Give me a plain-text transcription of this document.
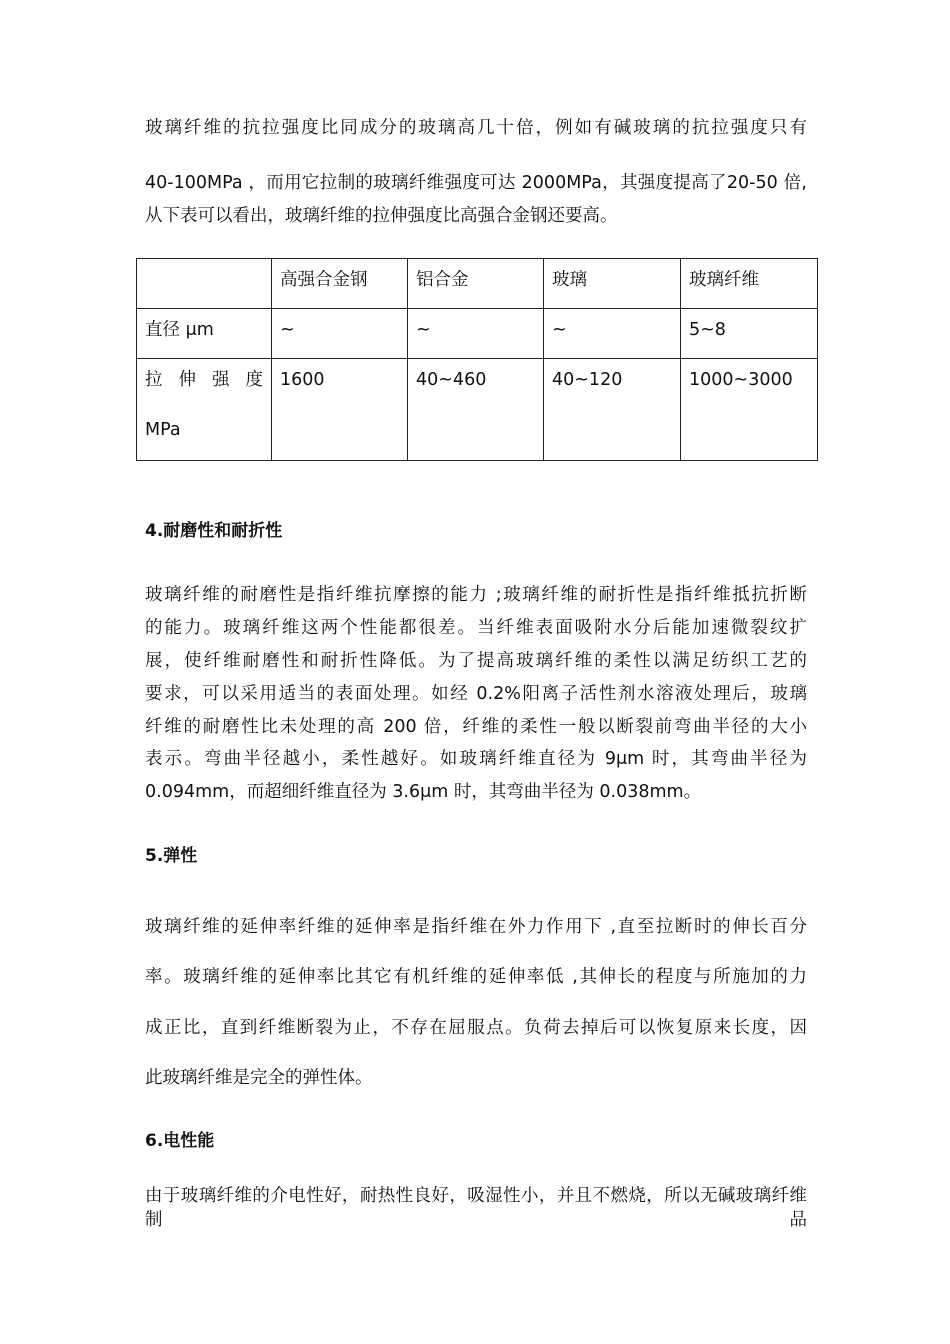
玻璃纤维的抗拉强度比同成分的玻璃高几十倍，例如有碱玻璃的抗拉强度只有
40-100MPa ，而用它拉制的玻璃纤维强度可达 2000MPa，其强度提高了20-50 倍,
从下表可以看出，玻璃纤维的拉伸强度比高强合金钢还要高。
	高强合金钢	铝合金	玻璃	玻璃纤维
直径 μm	~	~	~	5~8

拉 伸 强 度
MPa	1600	40~460	40~120	1000~3000
4.耐磨性和耐折性
玻璃纤维的耐磨性是指纤维抗摩擦的能力 ;玻璃纤维的耐折性是指纤维抵抗折断
的能力。玻璃纤维这两个性能都很差。当纤维表面吸附水分后能加速微裂纹扩
展，使纤维耐磨性和耐折性降低。为了提高玻璃纤维的柔性以满足纺织工艺的
要求，可以采用适当的表面处理。如经 0.2%阳离子活性剂水溶液处理后，玻璃
纤维的耐磨性比未处理的高 200 倍，纤维的柔性一般以断裂前弯曲半径的大小
表示。弯曲半径越小，柔性越好。如玻璃纤维直径为 9μm 时，其弯曲半径为
0.094mm，而超细纤维直径为 3.6μm 时，其弯曲半径为 0.038mm。
5.弹性
玻璃纤维的延伸率纤维的延伸率是指纤维在外力作用下 ,直至拉断时的伸长百分
率。玻璃纤维的延伸率比其它有机纤维的延伸率低 ,其伸长的程度与所施加的力
成正比，直到纤维断裂为止，不存在屈服点。负荷去掉后可以恢复原来长度，因
此玻璃纤维是完全的弹性体。
6.电性能
由于玻璃纤维的介电性好，耐热性良好，吸湿性小，并且不燃烧，所以无碱玻璃纤维制品
